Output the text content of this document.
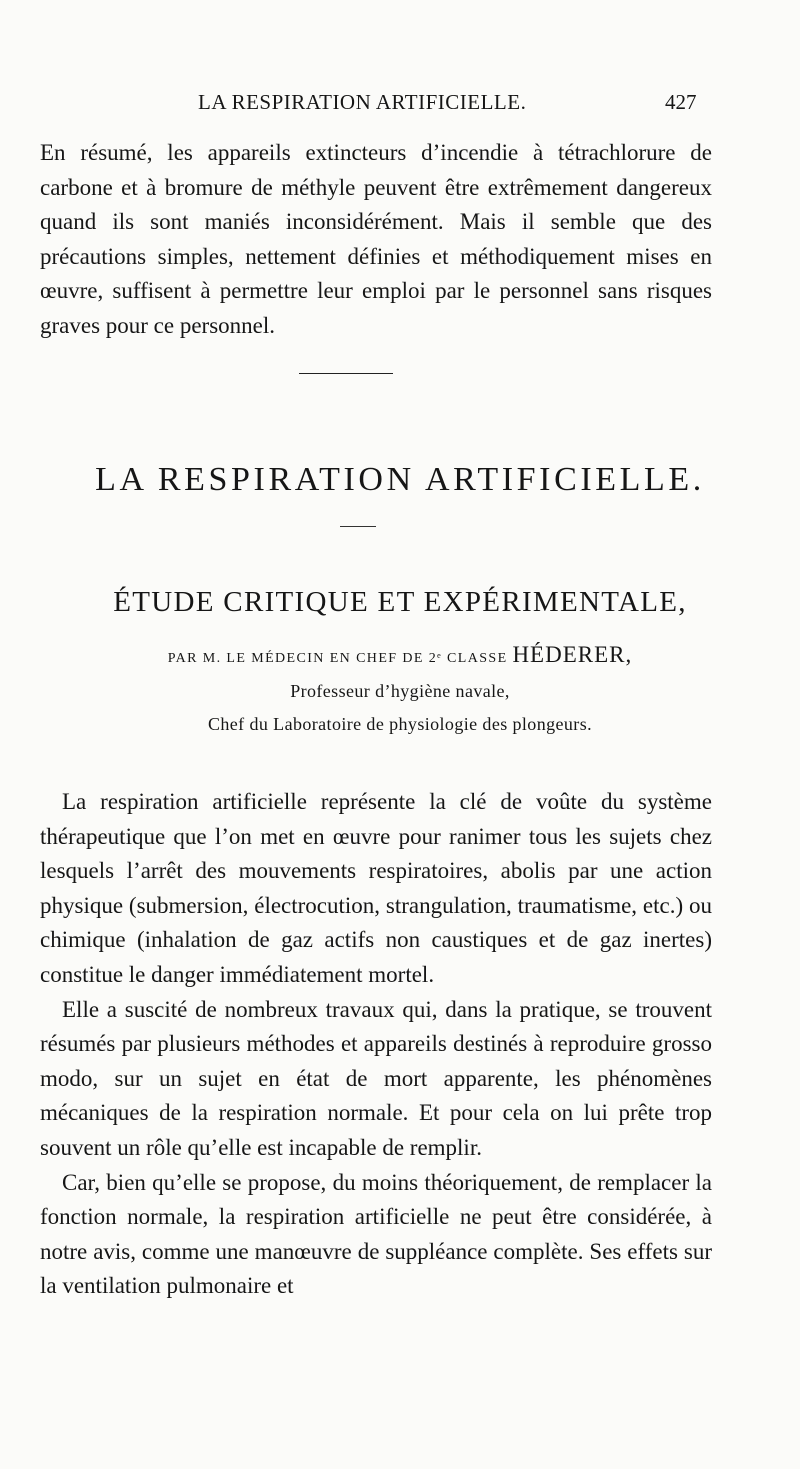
LA RESPIRATION ARTIFICIELLE.	427

En résumé, les appareils extincteurs d’incendie à tétrachlorure de carbone et à bromure de méthyle peuvent être extrêmement dangereux quand ils sont maniés inconsidérément. Mais il semble que des précautions simples, nettement définies et méthodiquement mises en œuvre, suffisent à permettre leur emploi par le personnel sans risques graves pour ce personnel.

LA RESPIRATION ARTIFICIELLE.
ÉTUDE CRITIQUE ET EXPÉRIMENTALE,
PAR M. LE MÉDECIN EN CHEF DE 2ᵉ CLASSE HÉDERER,
Professeur d’hygiène navale,
Chef du Laboratoire de physiologie des plongeurs.

La respiration artificielle représente la clé de voûte du système thérapeutique que l’on met en œuvre pour ranimer tous les sujets chez lesquels l’arrêt des mouvements respiratoires, abolis par une action physique (submersion, électrocution, strangulation, traumatisme, etc.) ou chimique (inhalation de gaz actifs non caustiques et de gaz inertes) constitue le danger immédiatement mortel.

Elle a suscité de nombreux travaux qui, dans la pratique, se trouvent résumés par plusieurs méthodes et appareils destinés à reproduire grosso modo, sur un sujet en état de mort apparente, les phénomènes mécaniques de la respiration normale. Et pour cela on lui prête trop souvent un rôle qu’elle est incapable de remplir.

Car, bien qu’elle se propose, du moins théoriquement, de remplacer la fonction normale, la respiration artificielle ne peut être considérée, à notre avis, comme une manœuvre de suppléance complète. Ses effets sur la ventilation pulmonaire et
